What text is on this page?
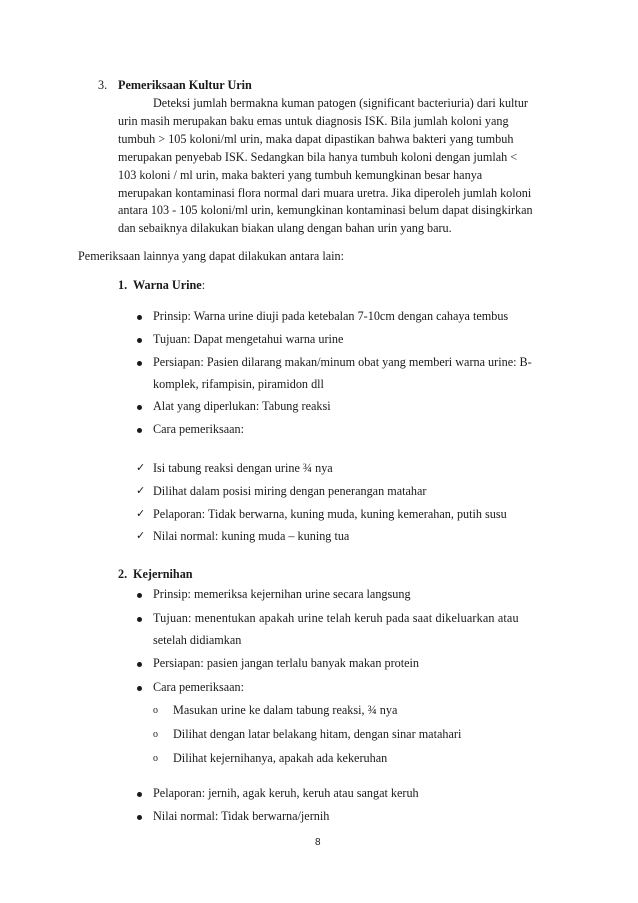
3. Pemeriksaan Kultur Urin
Deteksi jumlah bermakna kuman patogen (significant bacteriuria) dari kultur
urin masih merupakan baku emas untuk diagnosis ISK. Bila jumlah koloni yang
tumbuh > 105 koloni/ml urin, maka dapat dipastikan bahwa bakteri yang tumbuh
merupakan penyebab ISK. Sedangkan bila hanya tumbuh koloni dengan jumlah <
103 koloni / ml urin, maka bakteri yang tumbuh kemungkinan besar hanya
merupakan kontaminasi flora normal dari muara uretra. Jika diperoleh jumlah koloni
antara 103 - 105 koloni/ml urin, kemungkinan kontaminasi belum dapat disingkirkan
dan sebaiknya dilakukan biakan ulang dengan bahan urin yang baru.
Pemeriksaan lainnya yang dapat dilakukan antara lain:
1. Warna Urine:
Prinsip: Warna urine diuji pada ketebalan 7-10cm dengan cahaya tembus
Tujuan: Dapat mengetahui warna urine
Persiapan: Pasien dilarang makan/minum obat yang memberi warna urine: B-
komplek, rifampisin, piramidon dll
Alat yang diperlukan: Tabung reaksi
Cara pemeriksaan:
✓ Isi tabung reaksi dengan urine ¾ nya
✓ Dilihat dalam posisi miring dengan penerangan matahar
✓ Pelaporan: Tidak berwarna, kuning muda, kuning kemerahan, putih susu
✓ Nilai normal: kuning muda – kuning tua
2. Kejernihan
Prinsip: memeriksa kejernihan urine secara langsung
Tujuan: menentukan apakah urine telah keruh pada saat dikeluarkan atau
setelah didiamkan
Persiapan: pasien jangan terlalu banyak makan protein
Cara pemeriksaan:
o Masukan urine ke dalam tabung reaksi, ¾ nya
o Dilihat dengan latar belakang hitam, dengan sinar matahari
o Dilihat kejernihanya, apakah ada kekeruhan
Pelaporan: jernih, agak keruh, keruh atau sangat keruh
Nilai normal: Tidak berwarna/jernih
8
